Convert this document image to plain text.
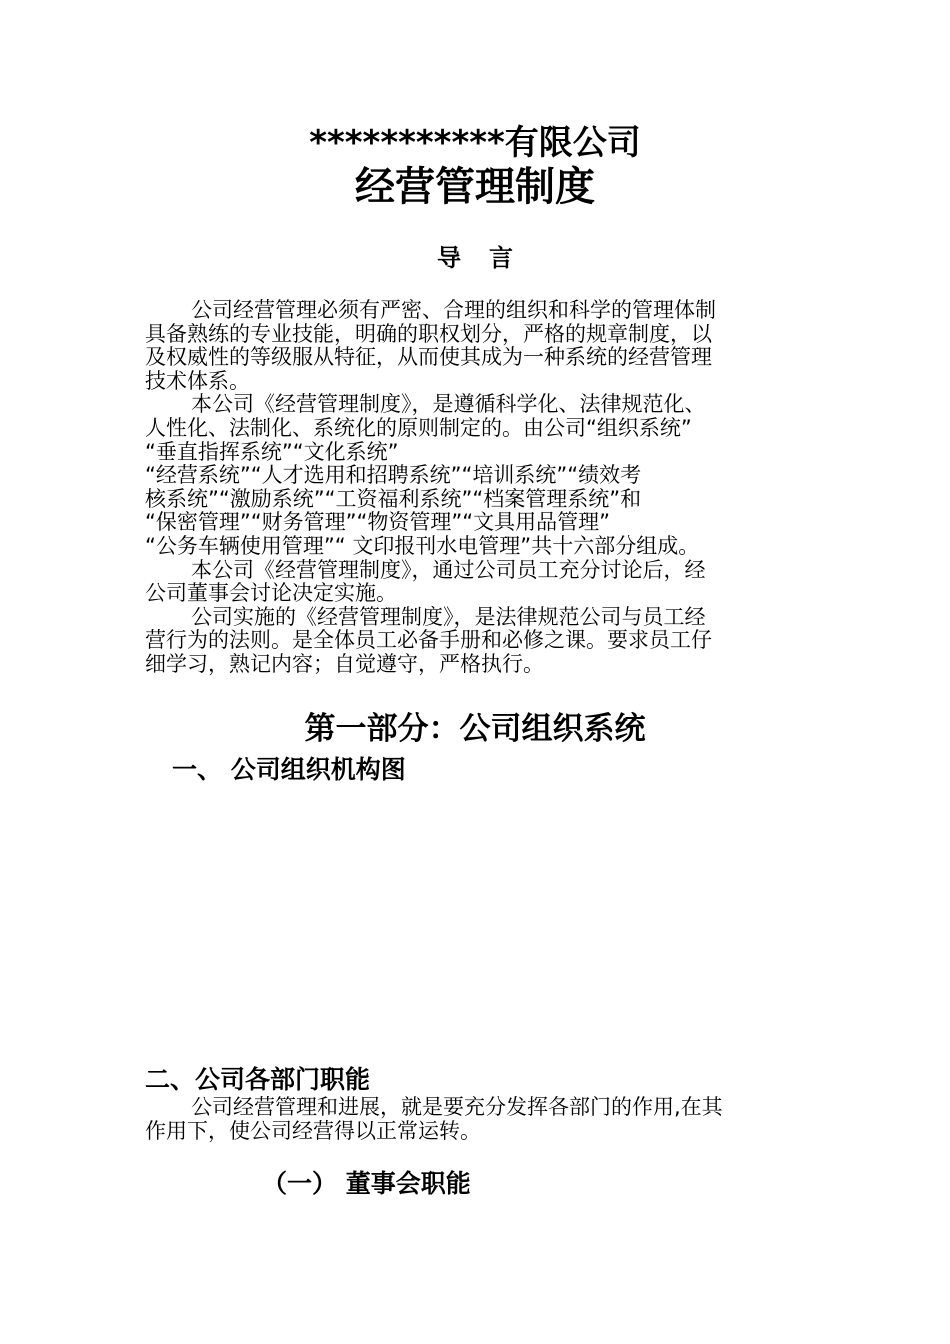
***********有限公司
经营管理制度
导言
公司经营管理必须有严密、合理的组织和科学的管理体制
具备熟练的专业技能，明确的职权划分，严格的规章制度，以
及权威性的等级服从特征，从而使其成为一种系统的经营管理
技术体系。
本公司《经营管理制度》，是遵循科学化、法律规范化、
人性化、法制化、系统化的原则制定的。由公司“组织系统”
“垂直指挥系统”“文化系统”
“经营系统”“人才选用和招聘系统”“培训系统”“绩效考
核系统”“激励系统”“工资福利系统”“档案管理系统”和
“保密管理”“财务管理”“物资管理”“文具用品管理”
“公务车辆使用管理”“ 文印报刊水电管理”共十六部分组成。
本公司《经营管理制度》，通过公司员工充分讨论后，经
公司董事会讨论决定实施。
公司实施的《经营管理制度》，是法律规范公司与员工经
营行为的法则。是全体员工必备手册和必修之课。要求员工仔
细学习，熟记内容；自觉遵守，严格执行。
第一部分：公司组织系统
一、 公司组织机构图
二、公司各部门职能
公司经营管理和进展，就是要充分发挥各部门的作用,在其
作用下，使公司经营得以正常运转。
（一） 董事会职能
